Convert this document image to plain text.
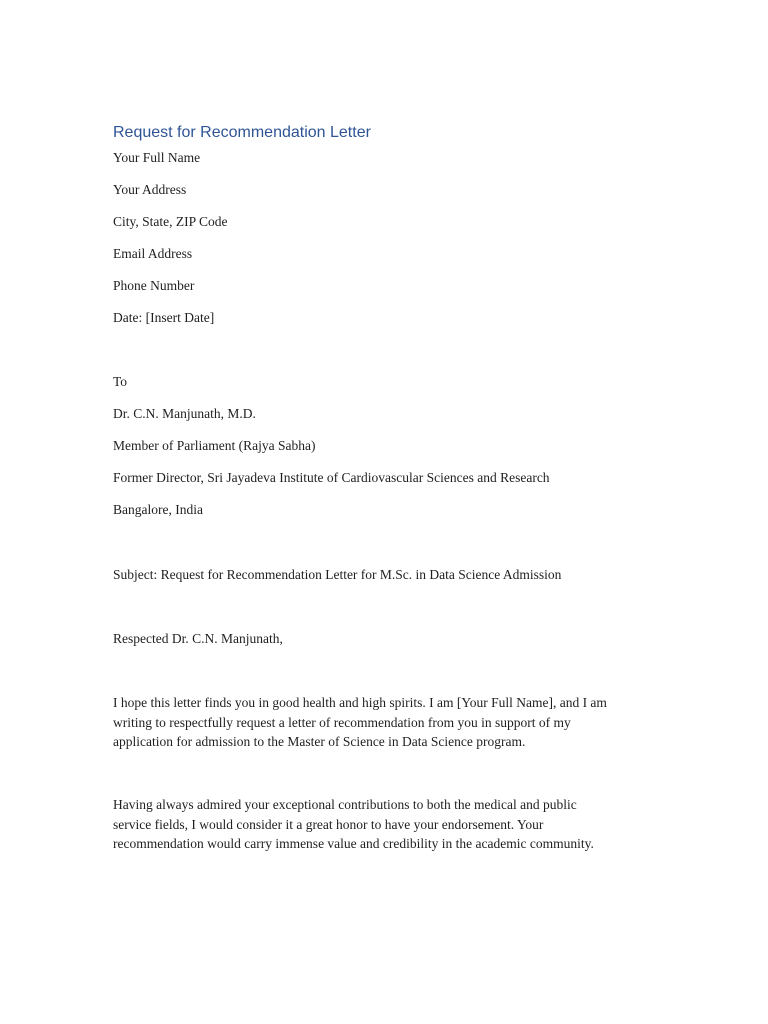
Request for Recommendation Letter

Your Full Name

Your Address

City, State, ZIP Code

Email Address

Phone Number

Date: [Insert Date]

To

Dr. C.N. Manjunath, M.D.

Member of Parliament (Rajya Sabha)

Former Director, Sri Jayadeva Institute of Cardiovascular Sciences and Research

Bangalore, India

Subject: Request for Recommendation Letter for M.Sc. in Data Science Admission

Respected Dr. C.N. Manjunath,

I hope this letter finds you in good health and high spirits. I am [Your Full Name], and I am
writing to respectfully request a letter of recommendation from you in support of my
application for admission to the Master of Science in Data Science program.
Having always admired your exceptional contributions to both the medical and public
service fields, I would consider it a great honor to have your endorsement. Your
recommendation would carry immense value and credibility in the academic community.
